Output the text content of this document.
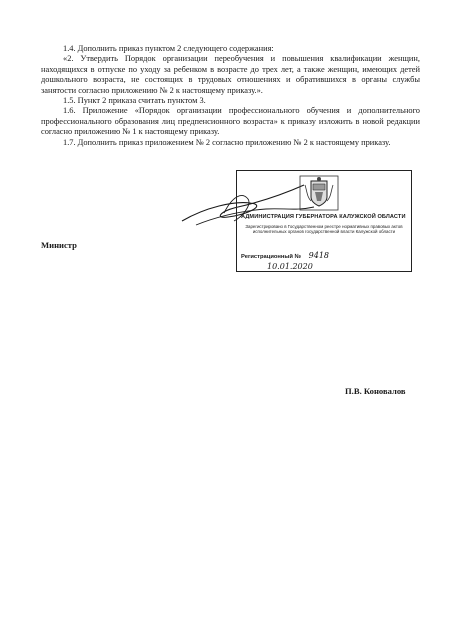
1.4. Дополнить приказ пунктом 2 следующего содержания:

«2. Утвердить Порядок организации переобучения и повышения квалификации женщин, находящихся в отпуске по уходу за ребенком в возрасте до трех лет, а также женщин, имеющих детей дошкольного возраста, не состоящих в трудовых отношениях и обратившихся в органы службы занятости согласно приложению № 2 к настоящему приказу.».

1.5. Пункт 2 приказа считать пунктом 3.

1.6. Приложение «Порядок организации профессионального обучения и дополнительного профессионального образования лиц предпенсионного возраста» к приказу изложить в новой редакции согласно приложению № 1 к настоящему приказу.

1.7. Дополнить приказ приложением № 2 согласно приложению № 2 к настоящему приказу.

АДМИНИСТРАЦИЯ ГУБЕРНАТОРА КАЛУЖСКОЙ ОБЛАСТИ
Зарегистрировано в Государственном реестре нормативных правовых актов исполнительных органов государственной власти Калужской области
Регистрационный № 9418
10.01.2020
Министр
П.В. Коновалов
